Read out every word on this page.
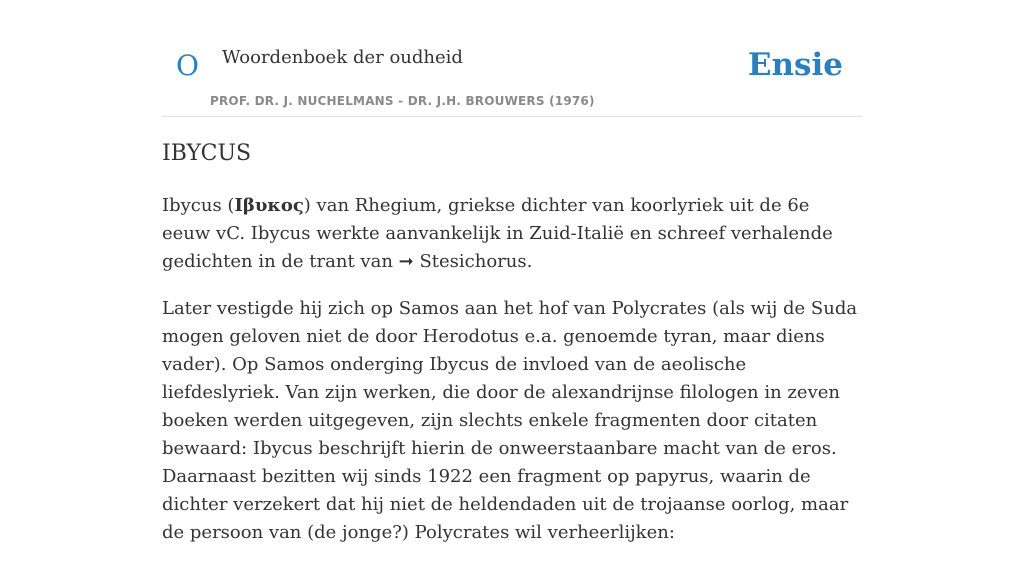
O Woordenboek der oudheid
PROF. DR. J. NUCHELMANS - DR. J.H. BROUWERS (1976)
Ensie
IBYCUS

Ibycus (Ιβυκος) van Rhegium, griekse dichter van koorlyriek uit de 6e eeuw vC. Ibycus werkte aanvankelijk in Zuid-Italië en schreef verhalende gedichten in de trant van ➞ Stesichorus.

Later vestigde hij zich op Samos aan het hof van Polycrates (als wij de Suda mogen geloven niet de door Herodotus e.a. genoemde tyran, maar diens vader). Op Samos onderging Ibycus de invloed van de aeolische liefdeslyriek. Van zijn werken, die door de alexandrijnse filologen in zeven boeken werden uitgegeven, zijn slechts enkele fragmenten door citaten bewaard: Ibycus beschrijft hierin de onweerstaanbare macht van de eros. Daarnaast bezitten wij sinds 1922 een fragment op papyrus, waarin de dichter verzekert dat hij niet de heldendaden uit de trojaanse oorlog, maar de persoon van (de jonge?) Polycrates wil verheerlijken:
